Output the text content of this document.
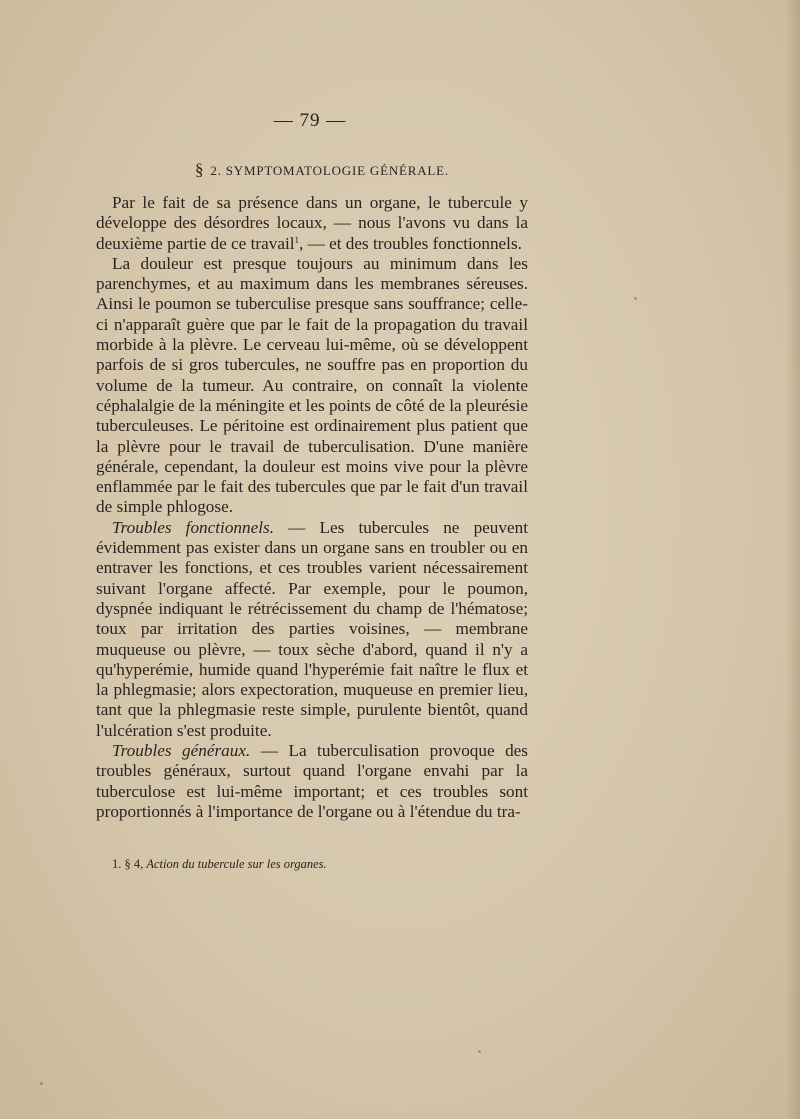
— 79 —
§ 2. SYMPTOMATOLOGIE GÉNÉRALE.

Par le fait de sa présence dans un organe, le tubercule y développe des désordres locaux, — nous l'avons vu dans la deuxième partie de ce travail$^1$, — et des troubles fonctionnels.

La douleur est presque toujours au minimum dans les parenchymes, et au maximum dans les membranes séreuses. Ainsi le poumon se tuberculise presque sans souffrance; celle-ci n'apparaît guère que par le fait de la propagation du travail morbide à la plèvre. Le cerveau lui-même, où se développent parfois de si gros tubercules, ne souffre pas en proportion du volume de la tumeur. Au contraire, on connaît la violente céphalalgie de la méningite et les points de côté de la pleurésie tuberculeuses. Le péritoine est ordinairement plus patient que la plèvre pour le travail de tuberculisation. D'une manière générale, cependant, la douleur est moins vive pour la plèvre enflammée par le fait des tubercules que par le fait d'un travail de simple phlogose.

Troubles fonctionnels. — Les tubercules ne peuvent évidemment pas exister dans un organe sans en troubler ou en entraver les fonctions, et ces troubles varient nécessairement suivant l'organe affecté. Par exemple, pour le poumon, dyspnée indiquant le rétrécissement du champ de l'hématose; toux par irritation des parties voisines, — membrane muqueuse ou plèvre, — toux sèche d'abord, quand il n'y a qu'hyperémie, humide quand l'hyperémie fait naître le flux et la phlegmasie; alors expectoration, muqueuse en premier lieu, tant que la phlegmasie reste simple, purulente bientôt, quand l'ulcération s'est produite.

Troubles généraux. — La tuberculisation provoque des troubles généraux, surtout quand l'organe envahi par la tuberculose est lui-même important; et ces troubles sont proportionnés à l'importance de l'organe ou à l'étendue du tra-

1. § 4, Action du tubercule sur les organes.
